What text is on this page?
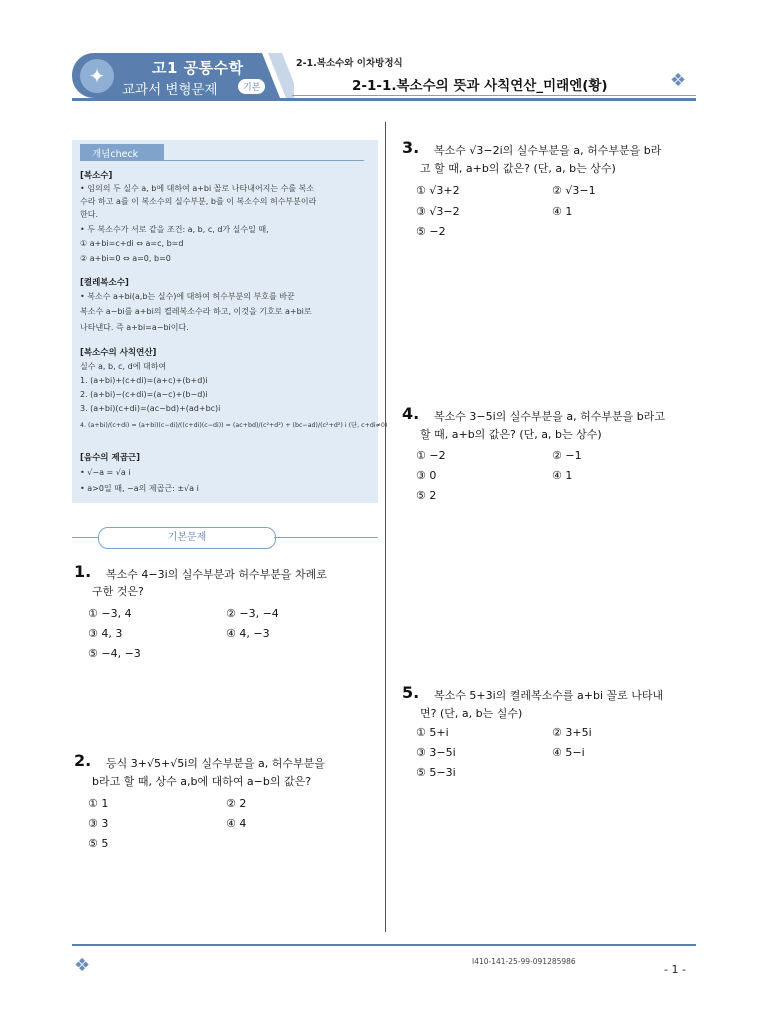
✦	고1 공통수학
교과서 변형문제	기본
2-1.복소수와 이차방정식
2-1-1.복소수의 뜻과 사칙연산_미래엔(황)	❖
개념check
[복소수]
• 임의의 두 실수 a, b에 대하여 a+bi 꼴로 나타내어지는 수를 복소
수라 하고 a를 이 복소수의 실수부분, b를 이 복소수의 허수부분이라
한다.
• 두 복소수가 서로 같을 조건: a, b, c, d가 실수일 때,
① a+bi=c+di ⇔ a=c, b=d
② a+bi=0 ⇔ a=0, b=0
[켤레복소수]
• 복소수 a+bi(a,b는 실수)에 대하여 허수부분의 부호를 바꾼
복소수 a−bi를 a+bi의 켤레복소수라 하고, 이것을 기호로 a+bi로
나타낸다. 즉 a+bi=a−bi이다.
[복소수의 사칙연산]
실수 a, b, c, d에 대하여
1. (a+bi)+(c+di)=(a+c)+(b+d)i
2. (a+bi)−(c+di)=(a−c)+(b−d)i
3. (a+bi)(c+di)=(ac−bd)+(ad+bc)i
4. (a+bi)/(c+di) = (a+bi)(c−di)/((c+di)(c−di)) = (ac+bd)/(c²+d²) + (bc−ad)/(c²+d²) i (단, c+di≠0)
[음수의 제곱근]
• √−a = √a i
• a>0일 때, −a의 제곱근: ±√a i
기본문제
1. 복소수 4−3i의 실수부분과 허수부분을 차례로
구한 것은?
① −3, 4	② −3, −4
③ 4, 3	④ 4, −3
⑤ −4, −3
2. 등식 3+√5+√5i의 실수부분을 a, 허수부분을
b라고 할 때, 상수 a,b에 대하여 a−b의 값은?
① 1	② 2
③ 3	④ 4
⑤ 5
3. 복소수 √3−2i의 실수부분을 a, 허수부분을 b라
고 할 때, a+b의 값은? (단, a, b는 상수)
① √3+2	② √3−1
③ √3−2	④ 1
⑤ −2
4. 복소수 3−5i의 실수부분을 a, 허수부분을 b라고
할 때, a+b의 값은? (단, a, b는 상수)
① −2	② −1
③ 0	④ 1
⑤ 2
5. 복소수 5+3i의 켤레복소수를 a+bi 꼴로 나타내
면? (단, a, b는 실수)
① 5+i	② 3+5i
③ 3−5i	④ 5−i
⑤ 5−3i
❖	I410-141-25-99-091285986
- 1 -
